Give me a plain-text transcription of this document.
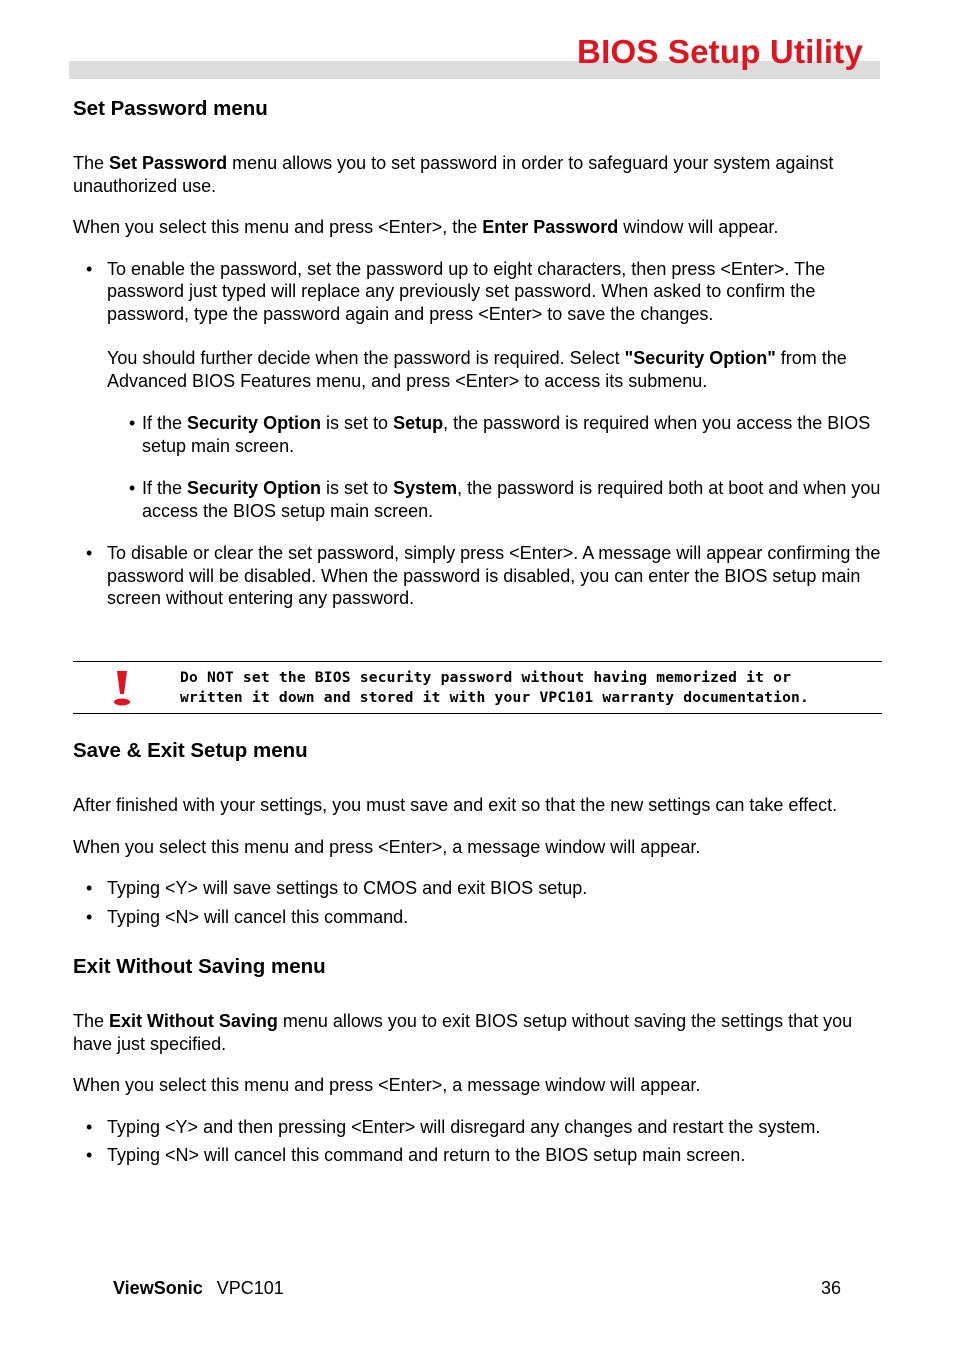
BIOS Setup Utility
Set Password menu

The Set Password menu allows you to set password in order to safeguard your system against unauthorized use.

When you select this menu and press <Enter>, the Enter Password window will appear.

• To enable the password, set the password up to eight characters, then press <Enter>. The password just typed will replace any previously set password. When asked to confirm the password, type the password again and press <Enter> to save the changes.

You should further decide when the password is required. Select "Security Option" from the Advanced BIOS Features menu, and press <Enter> to access its submenu.

• If the Security Option is set to Setup, the password is required when you access the BIOS setup main screen.
• If the Security Option is set to System, the password is required both at boot and when you access the BIOS setup main screen.
• To disable or clear the set password, simply press <Enter>. A message will appear confirming the password will be disabled. When the password is disabled, you can enter the BIOS setup main screen without entering any password.

Do NOT set the BIOS security password without having memorized it or
written it down and stored it with your VPC101 warranty documentation.
Save & Exit Setup menu

After finished with your settings, you must save and exit so that the new settings can take effect.

When you select this menu and press <Enter>, a message window will appear.

• Typing <Y> will save settings to CMOS and exit BIOS setup.
• Typing <N> will cancel this command.
Exit Without Saving menu

The Exit Without Saving menu allows you to exit BIOS setup without saving the settings that you have just specified.

When you select this menu and press <Enter>, a message window will appear.

• Typing <Y> and then pressing <Enter> will disregard any changes and restart the system.
• Typing <N> will cancel this command and return to the BIOS setup main screen.
ViewSonic VPC101	36
